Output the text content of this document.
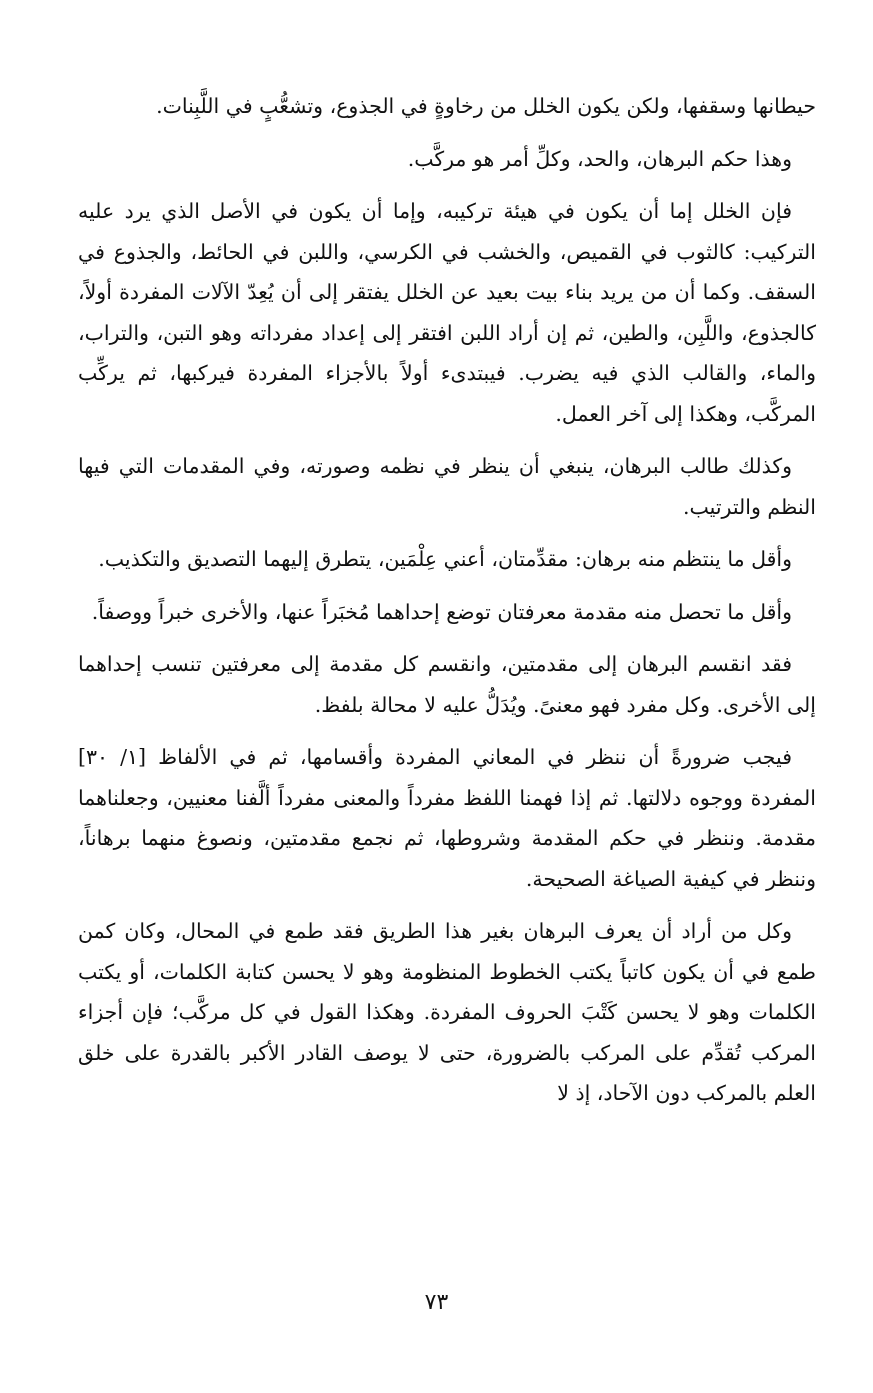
حيطانها وسقفها، ولكن يكون الخلل من رخاوةٍ في الجذوع، وتشعُّبٍ في اللَّبِنات.

وهذا حكم البرهان، والحد، وكلِّ أمر هو مركَّب.

فإن الخلل إما أن يكون في هيئة تركيبه، وإما أن يكون في الأصل الذي يرد عليه التركيب: كالثوب في القميص، والخشب في الكرسي، واللبن في الحائط، والجذوع في السقف. وكما أن من يريد بناء بيت بعيد عن الخلل يفتقر إلى أن يُعِدّ الآلات المفردة أولاً، كالجذوع، واللَّبِن، والطين، ثم إن أراد اللبن افتقر إلى إعداد مفرداته وهو التبن، والتراب، والماء، والقالب الذي فيه يضرب. فيبتدىء أولاً بالأجزاء المفردة فيركبها، ثم يركِّب المركَّب، وهكذا إلى آخر العمل.

وكذلك طالب البرهان، ينبغي أن ينظر في نظمه وصورته، وفي المقدمات التي فيها النظم والترتيب.

وأقل ما ينتظم منه برهان: مقدِّمتان، أعني عِلْمَين، يتطرق إليهما التصديق والتكذيب.

وأقل ما تحصل منه مقدمة معرفتان توضع إحداهما مُخبَراً عنها، والأخرى خبراً ووصفاً.

فقد انقسم البرهان إلى مقدمتين، وانقسم كل مقدمة إلى معرفتين تنسب إحداهما إلى الأخرى. وكل مفرد فهو معنىً. ويُدَلُّ عليه لا محالة بلفظ.

فيجب ضرورةً أن ننظر في المعاني المفردة وأقسامها، ثم في الألفاظ [١/ ٣٠] المفردة ووجوه دلالتها. ثم إذا فهمنا اللفظ مفرداً والمعنى مفرداً ألَّفنا معنيين، وجعلناهما مقدمة. وننظر في حكم المقدمة وشروطها، ثم نجمع مقدمتين، ونصوغ منهما برهاناً، وننظر في كيفية الصياغة الصحيحة.

وكل من أراد أن يعرف البرهان بغير هذا الطريق فقد طمع في المحال، وكان كمن طمع في أن يكون كاتباً يكتب الخطوط المنظومة وهو لا يحسن كتابة الكلمات، أو يكتب الكلمات وهو لا يحسن كَتْبَ الحروف المفردة. وهكذا القول في كل مركَّب؛ فإن أجزاء المركب تُقدِّم على المركب بالضرورة، حتى لا يوصف القادر الأكبر بالقدرة على خلق العلم بالمركب دون الآحاد، إذ لا

٧٣
